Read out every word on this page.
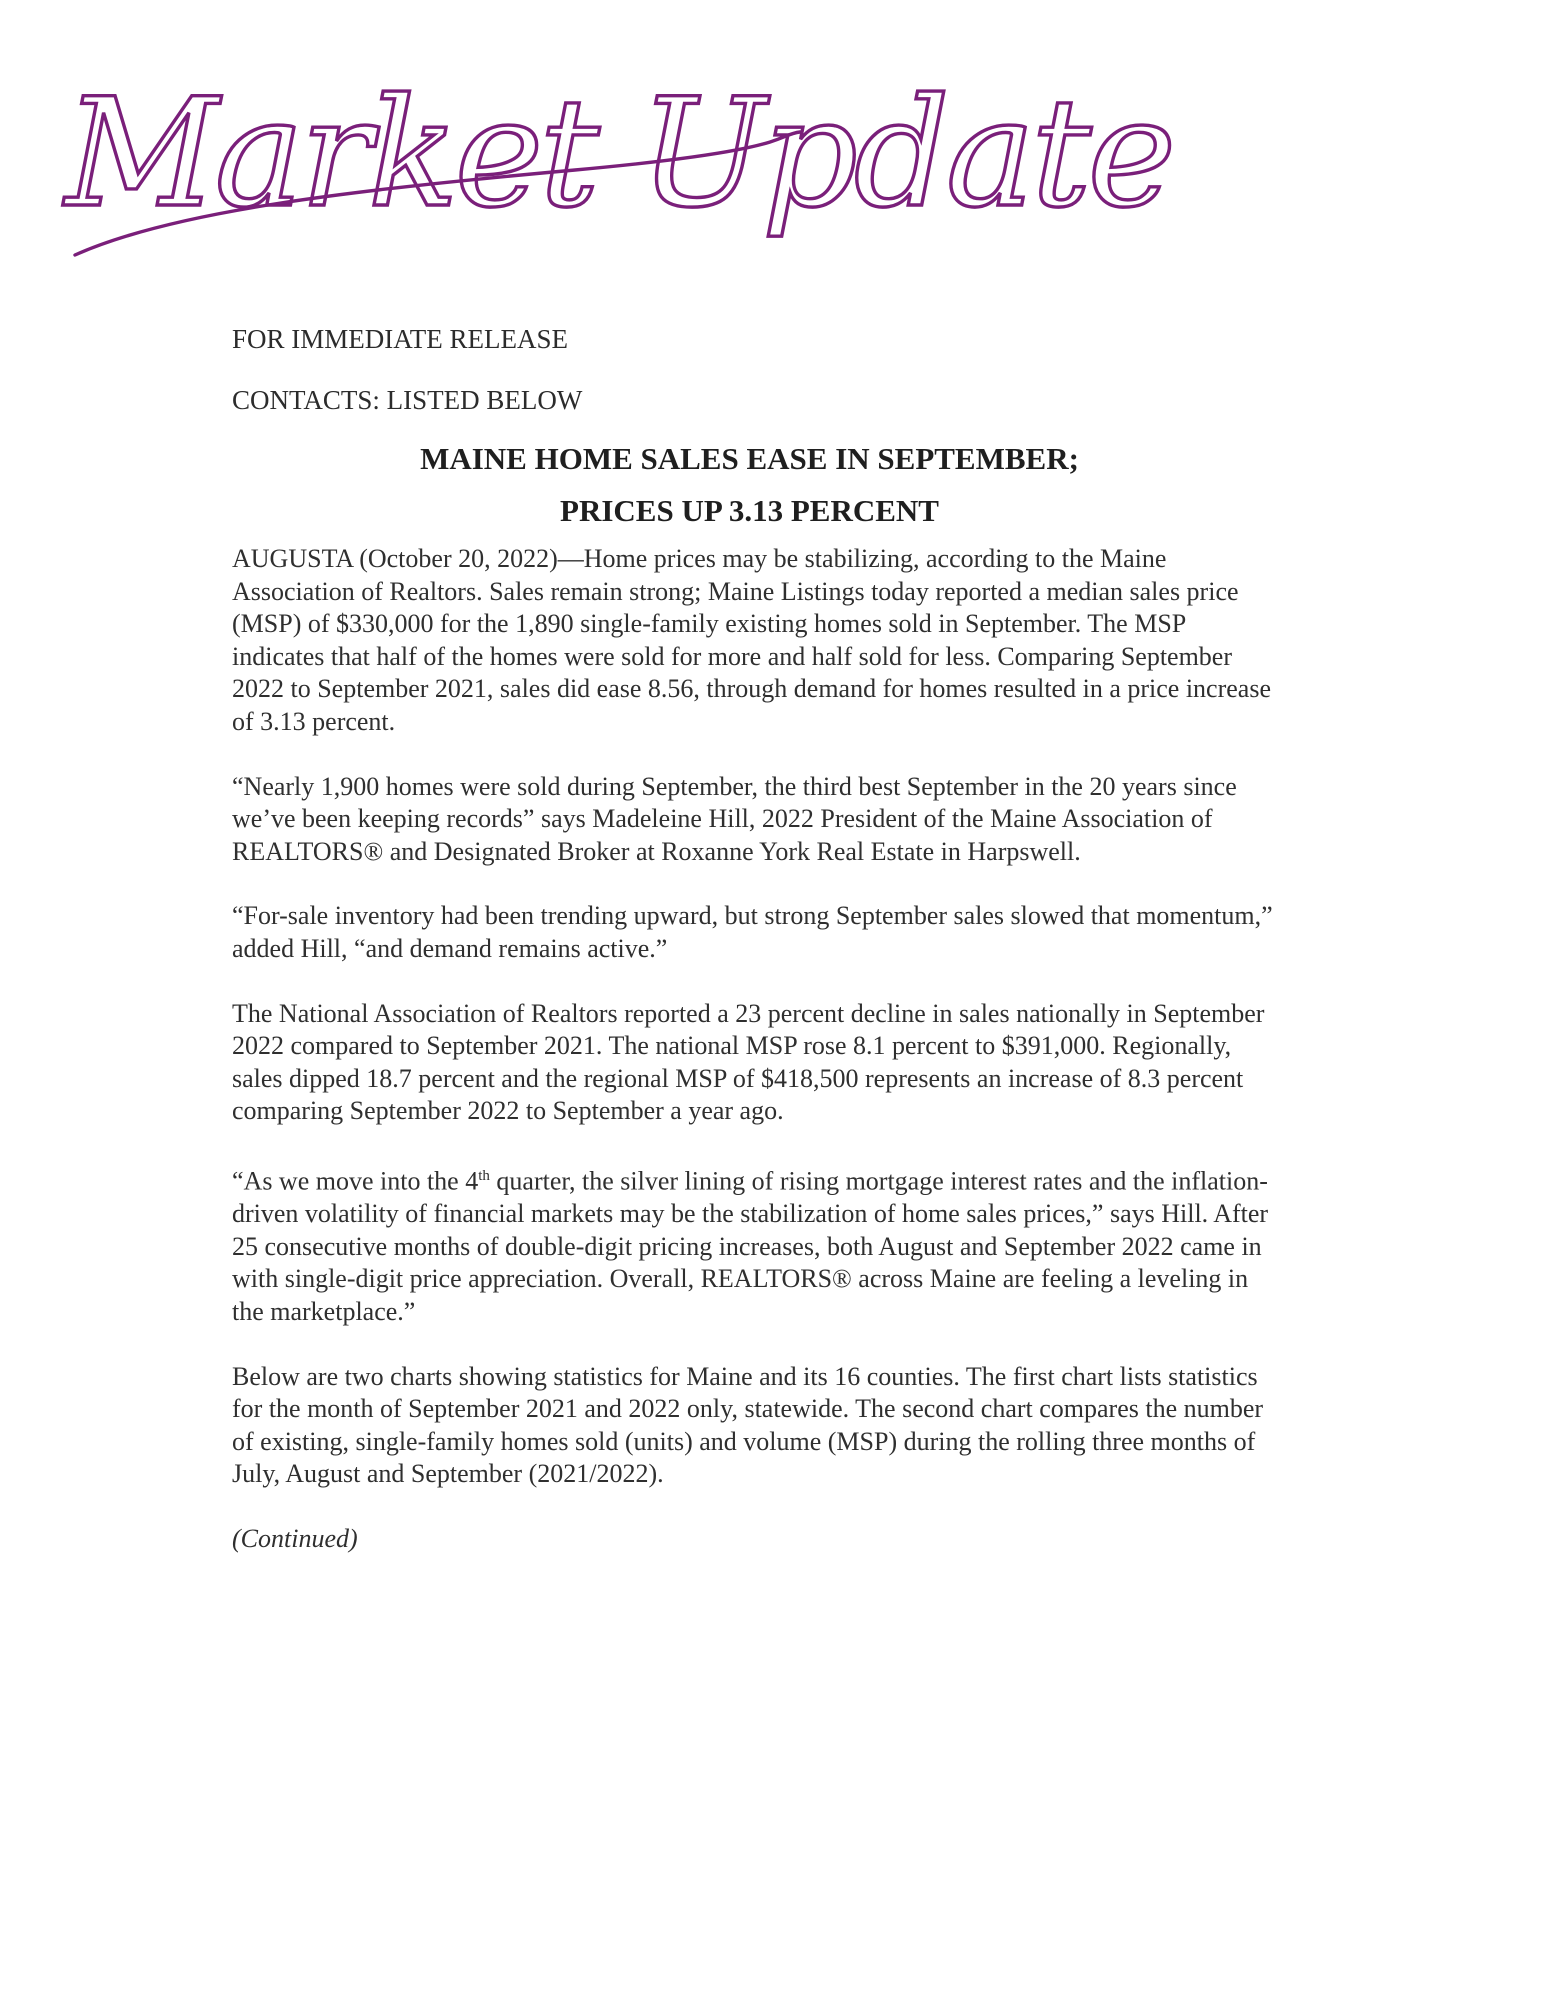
Market Update

FOR IMMEDIATE RELEASE

CONTACTS: LISTED BELOW

MAINE HOME SALES EASE IN SEPTEMBER;
PRICES UP 3.13 PERCENT

AUGUSTA (October 20, 2022)—Home prices may be stabilizing, according to the Maine Association of Realtors. Sales remain strong; Maine Listings today reported a median sales price (MSP) of $330,000 for the 1,890 single-family existing homes sold in September. The MSP indicates that half of the homes were sold for more and half sold for less. Comparing September 2022 to September 2021, sales did ease 8.56, through demand for homes resulted in a price increase of 3.13 percent.

“Nearly 1,900 homes were sold during September, the third best September in the 20 years since we’ve been keeping records” says Madeleine Hill, 2022 President of the Maine Association of REALTORS® and Designated Broker at Roxanne York Real Estate in Harpswell.

“For-sale inventory had been trending upward, but strong September sales slowed that momentum,” added Hill, “and demand remains active.”

The National Association of Realtors reported a 23 percent decline in sales nationally in September 2022 compared to September 2021. The national MSP rose 8.1 percent to $391,000. Regionally, sales dipped 18.7 percent and the regional MSP of $418,500 represents an increase of 8.3 percent comparing September 2022 to September a year ago.

“As we move into the 4th quarter, the silver lining of rising mortgage interest rates and the inflation-driven volatility of financial markets may be the stabilization of home sales prices,” says Hill. After 25 consecutive months of double-digit pricing increases, both August and September 2022 came in with single-digit price appreciation. Overall, REALTORS® across Maine are feeling a leveling in the marketplace.”

Below are two charts showing statistics for Maine and its 16 counties. The first chart lists statistics for the month of September 2021 and 2022 only, statewide. The second chart compares the number of existing, single-family homes sold (units) and volume (MSP) during the rolling three months of July, August and September (2021/2022).

(Continued)
